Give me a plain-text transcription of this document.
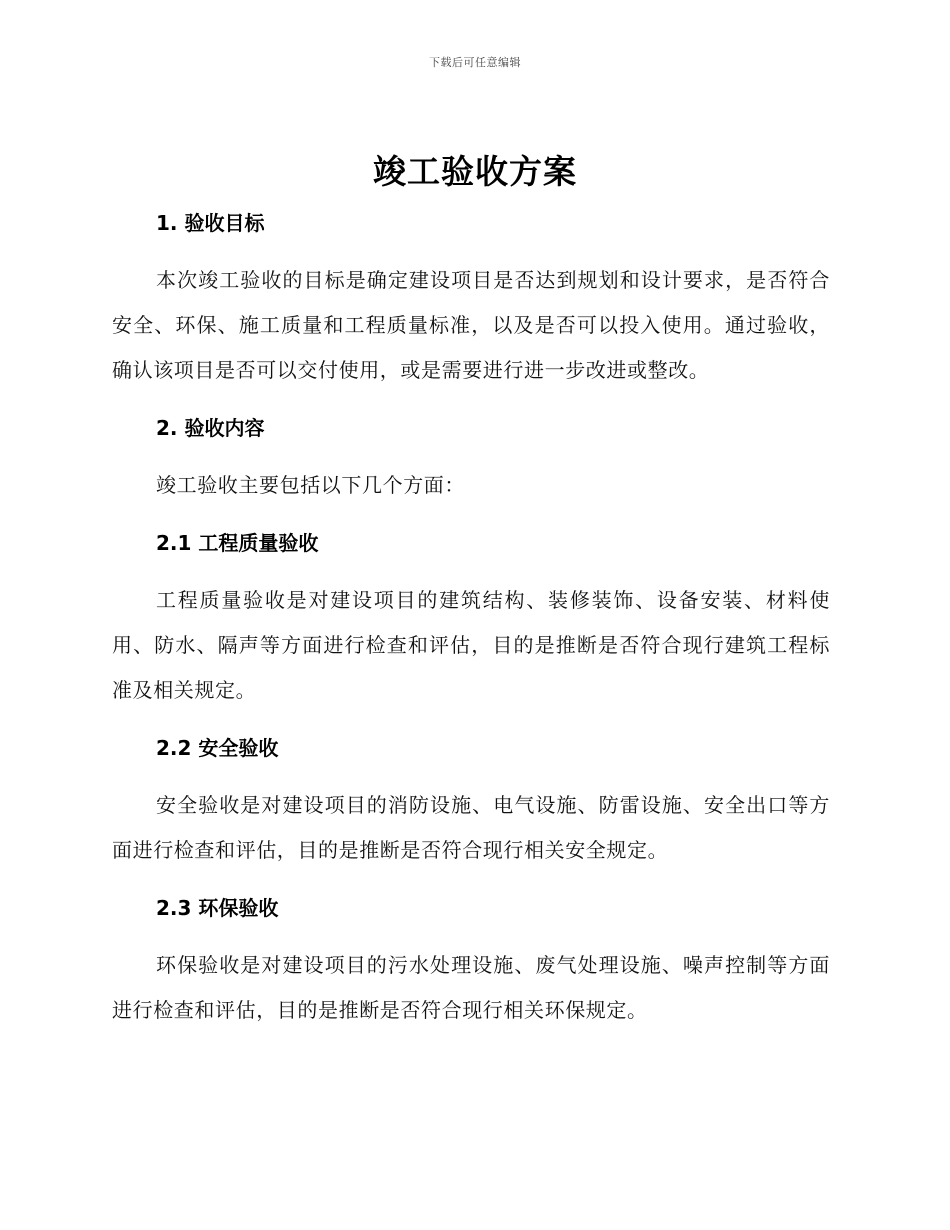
下载后可任意编辑
竣工验收方案
1. 验收目标

本次竣工验收的目标是确定建设项目是否达到规划和设计要求，是否符合安全、环保、施工质量和工程质量标准，以及是否可以投入使用。通过验收，确认该项目是否可以交付使用，或是需要进行进一步改进或整改。

2. 验收内容

竣工验收主要包括以下几个方面：

2.1 工程质量验收

工程质量验收是对建设项目的建筑结构、装修装饰、设备安装、材料使用、防水、隔声等方面进行检查和评估，目的是推断是否符合现行建筑工程标准及相关规定。

2.2 安全验收

安全验收是对建设项目的消防设施、电气设施、防雷设施、安全出口等方面进行检查和评估，目的是推断是否符合现行相关安全规定。

2.3 环保验收

环保验收是对建设项目的污水处理设施、废气处理设施、噪声控制等方面进行检查和评估，目的是推断是否符合现行相关环保规定。
